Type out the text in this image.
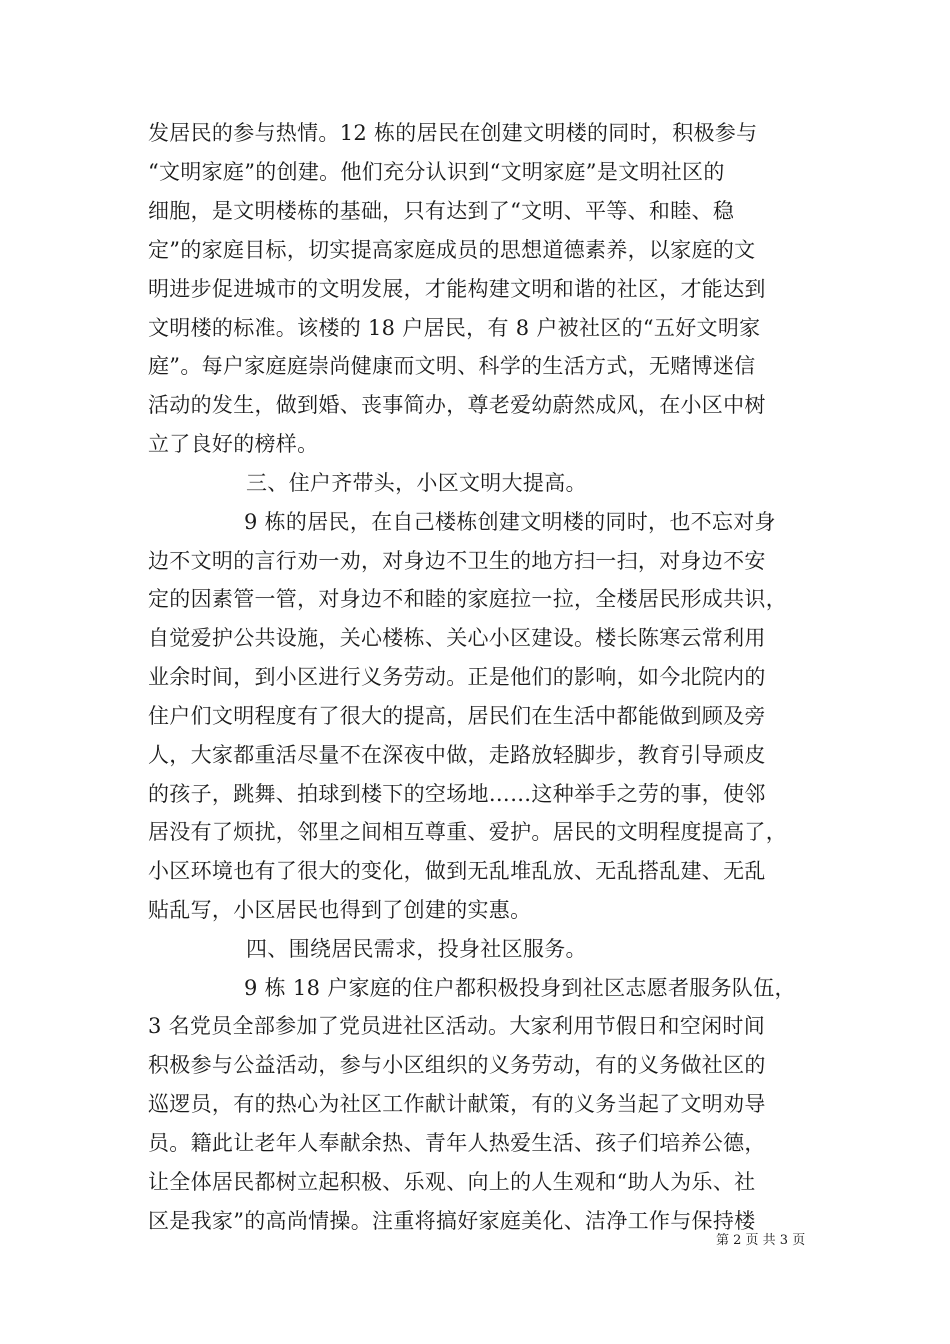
发居民的参与热情。12 栋的居民在创建文明楼的同时，积极参与
“文明家庭”的创建。他们充分认识到“文明家庭”是文明社区的
细胞，是文明楼栋的基础，只有达到了“文明、平等、和睦、稳
定”的家庭目标，切实提高家庭成员的思想道德素养，以家庭的文
明进步促进城市的文明发展，才能构建文明和谐的社区，才能达到
文明楼的标准。该楼的 18 户居民，有 8 户被社区的“五好文明家
庭”。每户家庭庭崇尚健康而文明、科学的生活方式，无赌博迷信
活动的发生，做到婚、丧事简办，尊老爱幼蔚然成风，在小区中树
立了良好的榜样。
三、住户齐带头，小区文明大提高。
9 栋的居民，在自己楼栋创建文明楼的同时，也不忘对身
边不文明的言行劝一劝，对身边不卫生的地方扫一扫，对身边不安
定的因素管一管，对身边不和睦的家庭拉一拉，全楼居民形成共识，
自觉爱护公共设施，关心楼栋、关心小区建设。楼长陈寒云常利用
业余时间，到小区进行义务劳动。正是他们的影响，如今北院内的
住户们文明程度有了很大的提高，居民们在生活中都能做到顾及旁
人，大家都重活尽量不在深夜中做，走路放轻脚步，教育引导顽皮
的孩子，跳舞、拍球到楼下的空场地……这种举手之劳的事，使邻
居没有了烦扰，邻里之间相互尊重、爱护。居民的文明程度提高了，
小区环境也有了很大的变化，做到无乱堆乱放、无乱搭乱建、无乱
贴乱写，小区居民也得到了创建的实惠。
四、围绕居民需求，投身社区服务。
9 栋 18 户家庭的住户都积极投身到社区志愿者服务队伍，
3 名党员全部参加了党员进社区活动。大家利用节假日和空闲时间
积极参与公益活动，参与小区组织的义务劳动，有的义务做社区的
巡逻员，有的热心为社区工作献计献策，有的义务当起了文明劝导
员。籍此让老年人奉献余热、青年人热爱生活、孩子们培养公德，
让全体居民都树立起积极、乐观、向上的人生观和“助人为乐、社
区是我家”的高尚情操。注重将搞好家庭美化、洁净工作与保持楼
第 2 页 共 3 页
